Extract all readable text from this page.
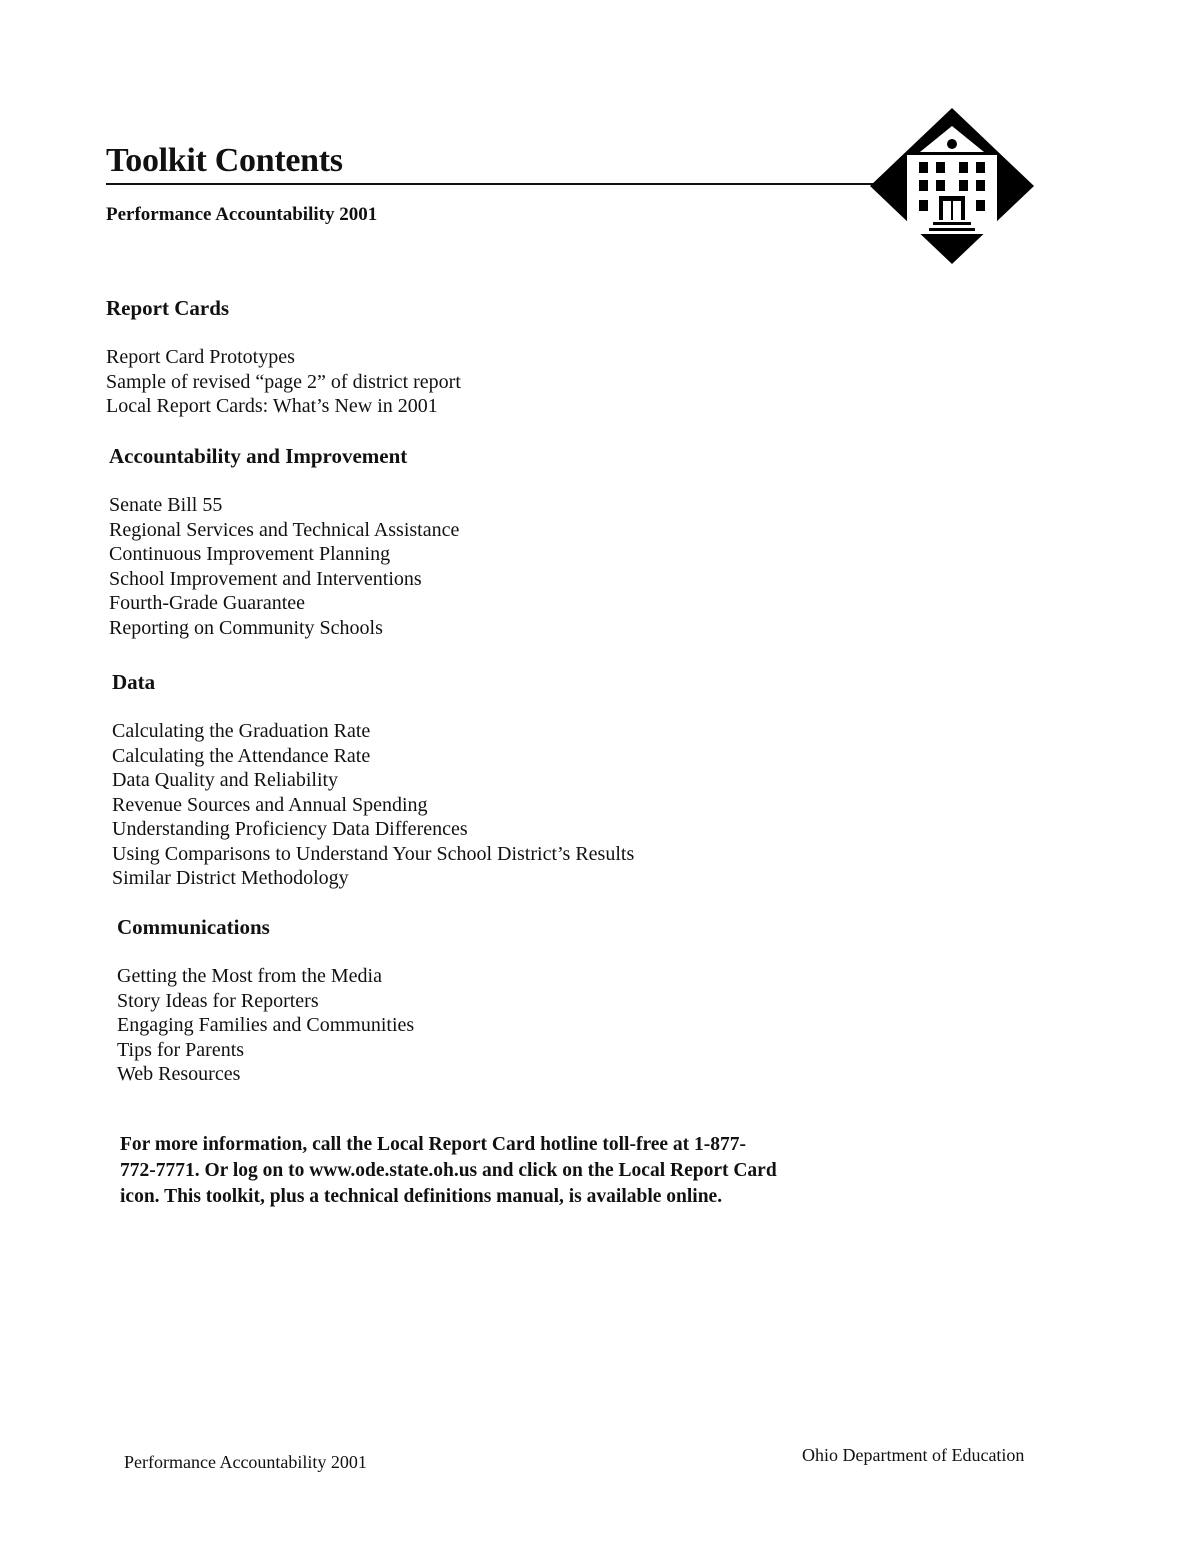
Toolkit Contents

Performance Accountability 2001

Report Cards
Report Card Prototypes
Sample of revised “page 2” of district report
Local Report Cards: What’s New in 2001
Accountability and Improvement
Senate Bill 55
Regional Services and Technical Assistance
Continuous Improvement Planning
School Improvement and Interventions
Fourth-Grade Guarantee
Reporting on Community Schools
Data
Calculating the Graduation Rate
Calculating the Attendance Rate
Data Quality and Reliability
Revenue Sources and Annual Spending
Understanding Proficiency Data Differences
Using Comparisons to Understand Your School District’s Results
Similar District Methodology
Communications
Getting the Most from the Media
Story Ideas for Reporters
Engaging Families and Communities
Tips for Parents
Web Resources

For more information, call the Local Report Card hotline toll-free at 1-877-772-7771. Or log on to www.ode.state.oh.us and click on the Local Report Card icon. This toolkit, plus a technical definitions manual, is available online.

Performance Accountability 2001	Ohio Department of Education
